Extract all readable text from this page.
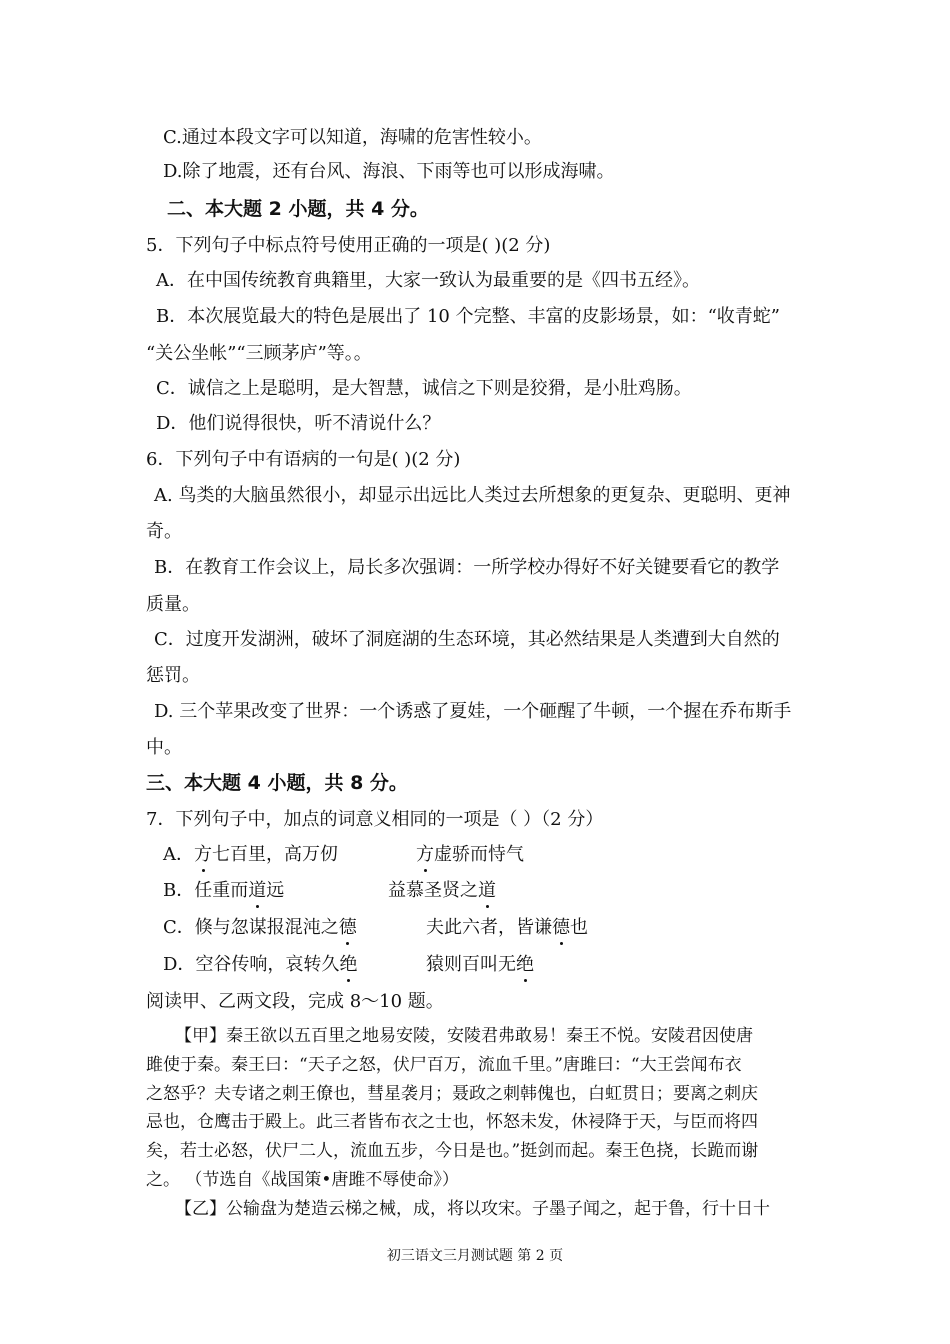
C.通过本段文字可以知道，海啸的危害性较小。
D.除了地震，还有台风、海浪、下雨等也可以形成海啸。
二、本大题 2 小题，共 4 分。
5．下列句子中标点符号使用正确的一项是( )(2 分)
A．在中国传统教育典籍里，大家一致认为最重要的是《四书五经》。
B．本次展览最大的特色是展出了 10 个完整、丰富的皮影场景，如：“收青蛇”
“关公坐帐”“三顾茅庐”等。。
C．诚信之上是聪明，是大智慧，诚信之下则是狡猾，是小肚鸡肠。
D．他们说得很快，听不清说什么？
6．下列句子中有语病的一句是( )(2 分)
A. 鸟类的大脑虽然很小，却显示出远比人类过去所想象的更复杂、更聪明、更神
奇。
B．在教育工作会议上，局长多次强调：一所学校办得好不好关键要看它的教学
质量。
C．过度开发湖洲，破坏了洞庭湖的生态环境，其必然结果是人类遭到大自然的
惩罚。
D. 三个苹果改变了世界：一个诱惑了夏娃，一个砸醒了牛顿，一个握在乔布斯手
中。
三、本大题 4 小题，共 8 分。
7．下列句子中，加点的词意义相同的一项是（ ）（2 分）
A．方七百里，高万仞	方虚骄而恃气
B．任重而道远	益慕圣贤之道
C．倏与忽谋报混沌之德	夫此六者，皆谦德也
D．空谷传响，哀转久绝	猿则百叫无绝
阅读甲、乙两文段，完成 8～10 题。
【甲】秦王欲以五百里之地易安陵，安陵君弗敢易！秦王不悦。安陵君因使唐
雎使于秦。秦王曰：“天子之怒，伏尸百万，流血千里。”唐雎曰：“大王尝闻布衣
之怒乎？夫专诸之刺王僚也，彗星袭月；聂政之刺韩傀也，白虹贯日；要离之刺庆
忌也，仓鹰击于殿上。此三者皆布衣之士也，怀怒未发，休祲降于天，与臣而将四
矣，若士必怒，伏尸二人，流血五步，今日是也。”挺剑而起。秦王色挠，长跪而谢
之。 （节选自《战国策•唐雎不辱使命》）
【乙】公输盘为楚造云梯之械，成，将以攻宋。子墨子闻之，起于鲁，行十日十
初三语文三月测试题 第 2 页
